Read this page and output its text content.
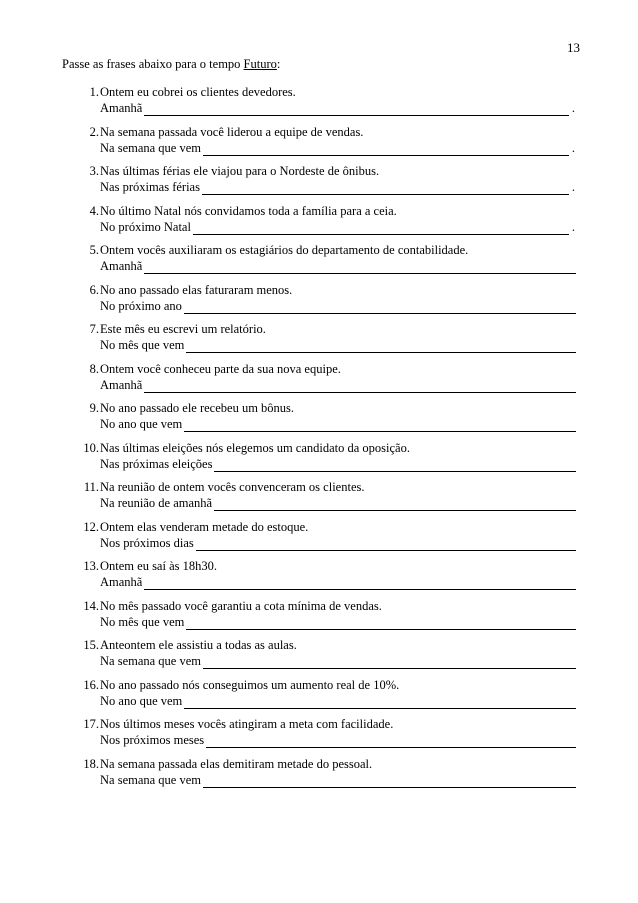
13
Passe as frases abaixo para o tempo Futuro:
1. Ontem eu cobrei os clientes devedores.
Amanhã	.
2. Na semana passada você liderou a equipe de vendas.
Na semana que vem	.
3. Nas últimas férias ele viajou para o Nordeste de ônibus.
Nas próximas férias	.
4. No último Natal nós convidamos toda a família para a ceia.
No próximo Natal	.
5. Ontem vocês auxiliaram os estagiários do departamento de contabilidade.
Amanhã
6. No ano passado elas faturaram menos.
No próximo ano
7. Este mês eu escrevi um relatório.
No mês que vem
8. Ontem você conheceu parte da sua nova equipe.
Amanhã
9. No ano passado ele recebeu um bônus.
No ano que vem
10. Nas últimas eleições nós elegemos um candidato da oposição.
Nas próximas eleições
11. Na reunião de ontem vocês convenceram os clientes.
Na reunião de amanhã
12. Ontem elas venderam metade do estoque.
Nos próximos dias
13. Ontem eu saí às 18h30.
Amanhã
14. No mês passado você garantiu a cota mínima de vendas.
No mês que vem
15. Anteontem ele assistiu a todas as aulas.
Na semana que vem
16. No ano passado nós conseguimos um aumento real de 10%.
No ano que vem
17. Nos últimos meses vocês atingiram a meta com facilidade.
Nos próximos meses
18. Na semana passada elas demitiram metade do pessoal.
Na semana que vem
